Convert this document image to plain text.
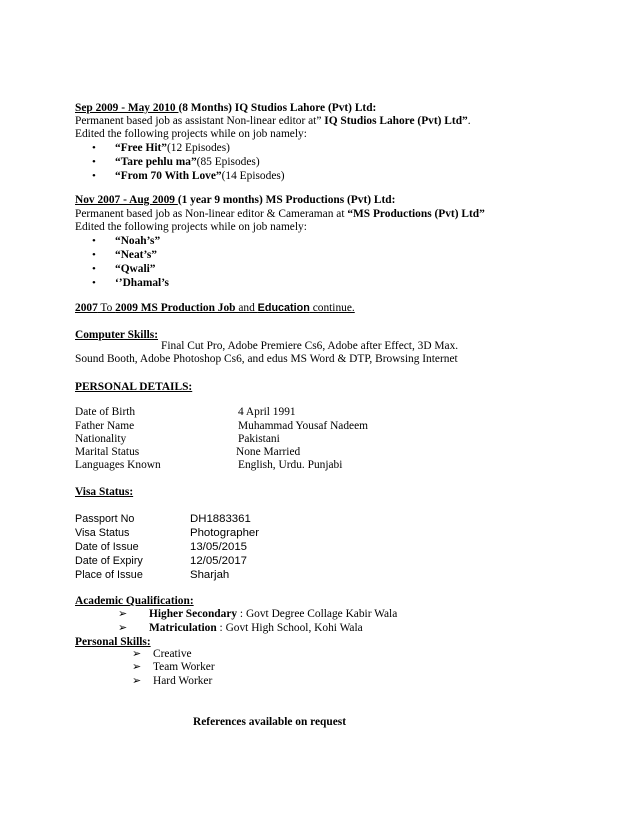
Sep 2009 - May 2010 (8 Months) IQ Studios Lahore (Pvt) Ltd:
Permanent based job as assistant Non-linear editor at” IQ Studios Lahore (Pvt) Ltd”.
Edited the following projects while on job namely:
• “Free Hit”(12 Episodes)
• “Tare pehlu ma”(85 Episodes)
• “From 70 With Love”(14 Episodes)
Nov 2007 - Aug 2009 (1 year 9 months) MS Productions (Pvt) Ltd:
Permanent based job as Non-linear editor & Cameraman at “MS Productions (Pvt) Ltd”
Edited the following projects while on job namely:
• “Noah’s”
• “Neat’s”
• “Qwali”
• ‘’Dhamal’s
2007 To 2009 MS Production Job and Education continue.
Computer Skills:
Final Cut Pro, Adobe Premiere Cs6, Adobe after Effect, 3D Max.
Sound Booth, Adobe Photoshop Cs6, and edus MS Word & DTP, Browsing Internet
PERSONAL DETAILS:
Date of Birth	4 April 1991
Father Name	Muhammad Yousaf Nadeem
Nationality	Pakistani
Marital Status	None Married
Languages Known	English, Urdu. Punjabi
Visa Status:
Passport No	DH1883361
Visa Status	Photographer
Date of Issue	13/05/2015
Date of Expiry	12/05/2017
Place of Issue	Sharjah
Academic Qualification:
➢ Higher Secondary : Govt Degree Collage Kabir Wala
➢ Matriculation : Govt High School, Kohi Wala
Personal Skills:
➢ Creative
➢ Team Worker
➢ Hard Worker
References available on request
